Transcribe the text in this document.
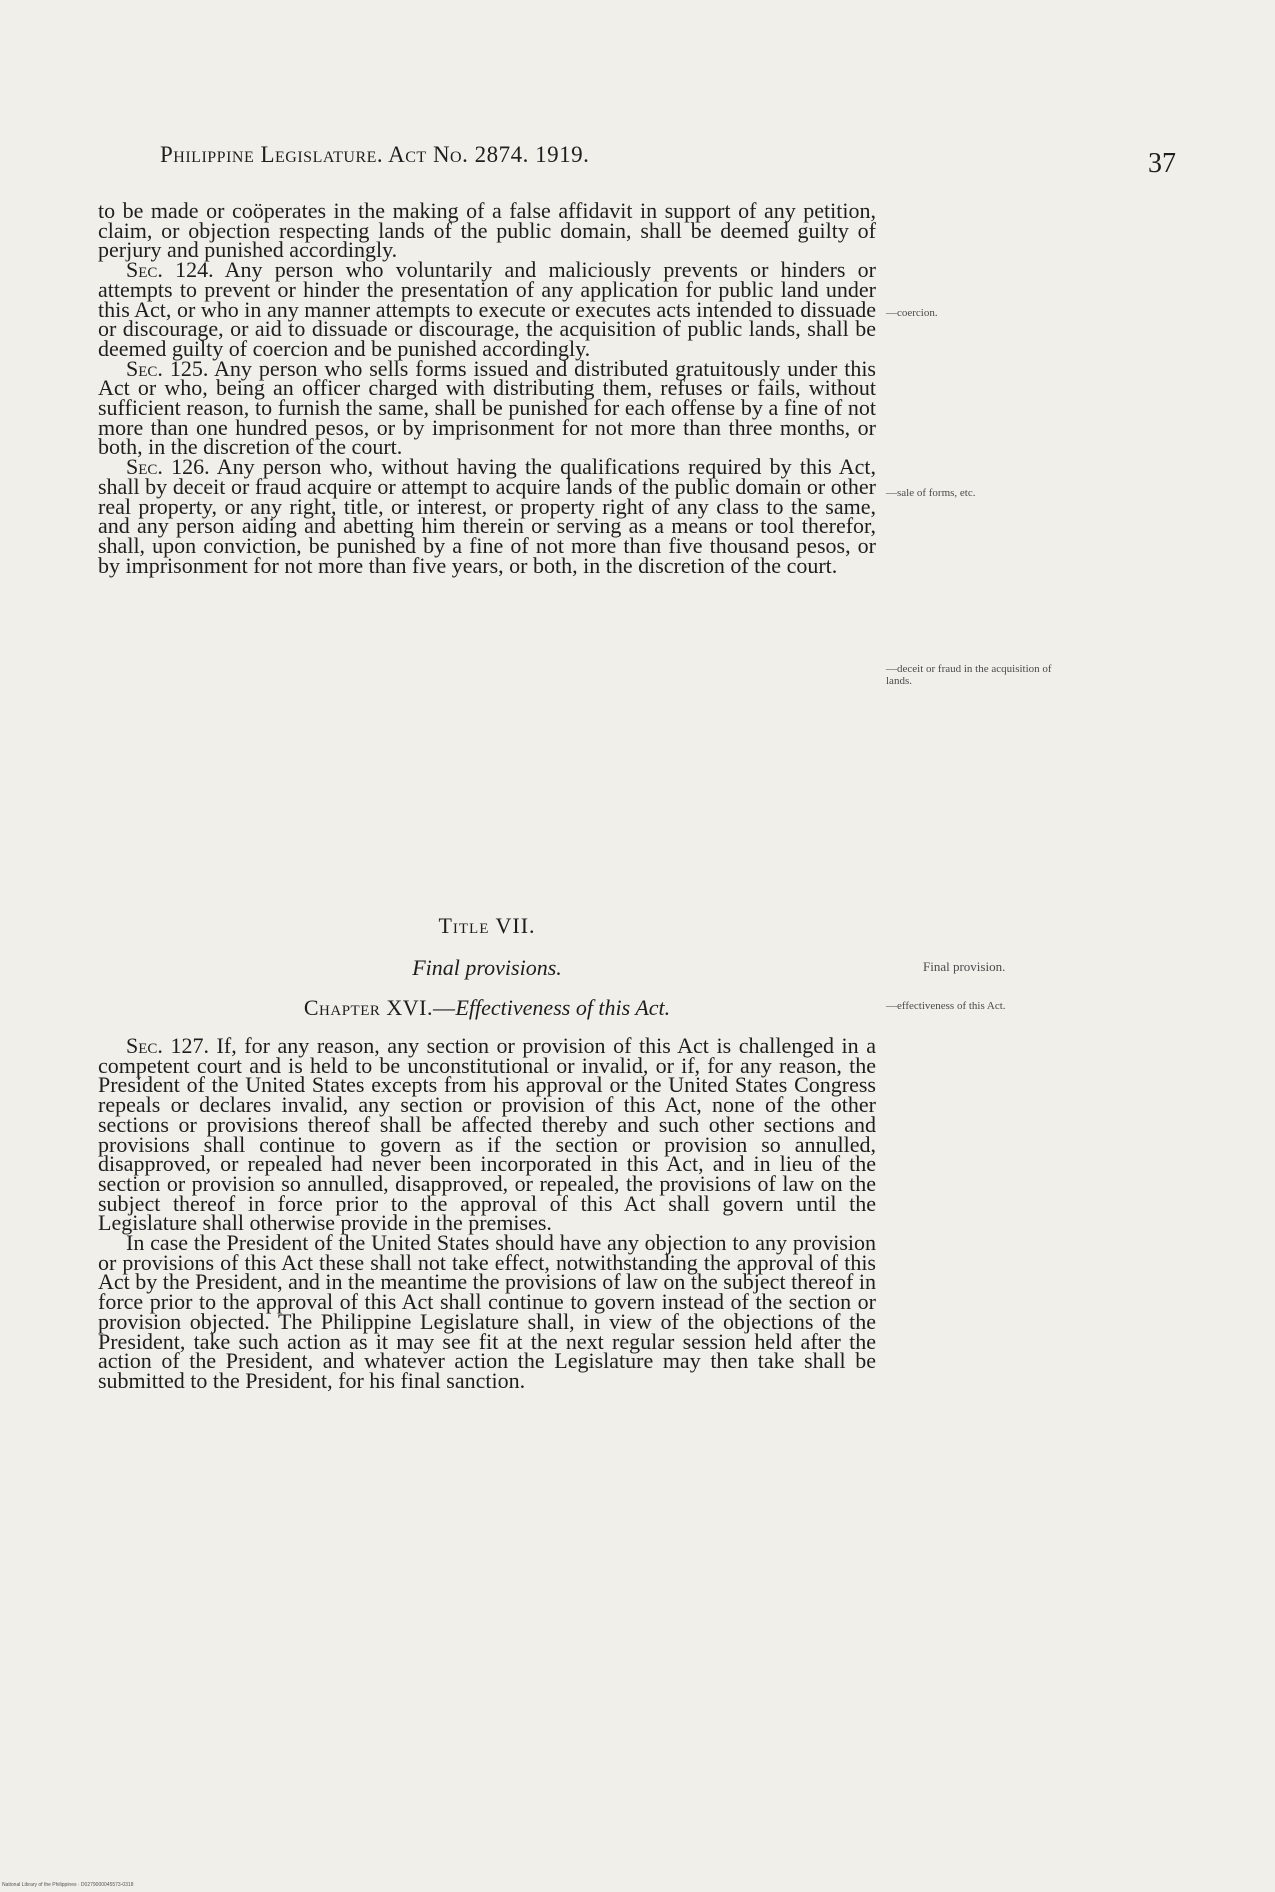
Philippine Legislature. Act No. 2874. 1919.	37

to be made or coöperates in the making of a false affidavit in support of any petition, claim, or objection respecting lands of the public domain, shall be deemed guilty of perjury and punished accordingly.

Sec. 124. Any person who voluntarily and maliciously prevents or hinders or attempts to prevent or hinder the presentation of any application for public land under this Act, or who in any manner attempts to execute or executes acts intended to dissuade or discourage, or aid to dissuade or discourage, the acquisition of public lands, shall be deemed guilty of coercion and be punished accordingly.

Sec. 125. Any person who sells forms issued and distributed gratuitously under this Act or who, being an officer charged with distributing them, refuses or fails, without sufficient reason, to furnish the same, shall be punished for each offense by a fine of not more than one hundred pesos, or by imprisonment for not more than three months, or both, in the discretion of the court.

Sec. 126. Any person who, without having the qualifications required by this Act, shall by deceit or fraud acquire or attempt to acquire lands of the public domain or other real property, or any right, title, or interest, or property right of any class to the same, and any person aiding and abetting him therein or serving as a means or tool therefor, shall, upon conviction, be punished by a fine of not more than five thousand pesos, or by imprisonment for not more than five years, or both, in the discretion of the court.

Title VII.
Final provisions.
Chapter XVI.—Effectiveness of this Act.

Sec. 127. If, for any reason, any section or provision of this Act is challenged in a competent court and is held to be unconstitutional or invalid, or if, for any reason, the President of the United States excepts from his approval or the United States Congress repeals or declares invalid, any section or provision of this Act, none of the other sections or provisions thereof shall be affected thereby and such other sections and provisions shall continue to govern as if the section or provision so annulled, disapproved, or repealed had never been incorporated in this Act, and in lieu of the section or provision so annulled, disapproved, or repealed, the provisions of law on the subject thereof in force prior to the approval of this Act shall govern until the Legislature shall otherwise provide in the premises.

In case the President of the United States should have any objection to any provision or provisions of this Act these shall not take effect, notwithstanding the approval of this Act by the President, and in the meantime the provisions of law on the subject thereof in force prior to the approval of this Act shall continue to govern instead of the section or provision objected. The Philippine Legislature shall, in view of the objections of the President, take such action as it may see fit at the next regular session held after the action of the President, and whatever action the Legislature may then take shall be submitted to the President, for his final sanction.

—coercion.
—sale of forms, etc.
—deceit or fraud in the acquisition of lands.
Final provision.
—effectiveness of this Act.
National Library of the Philippines · D0279000045573-0318
